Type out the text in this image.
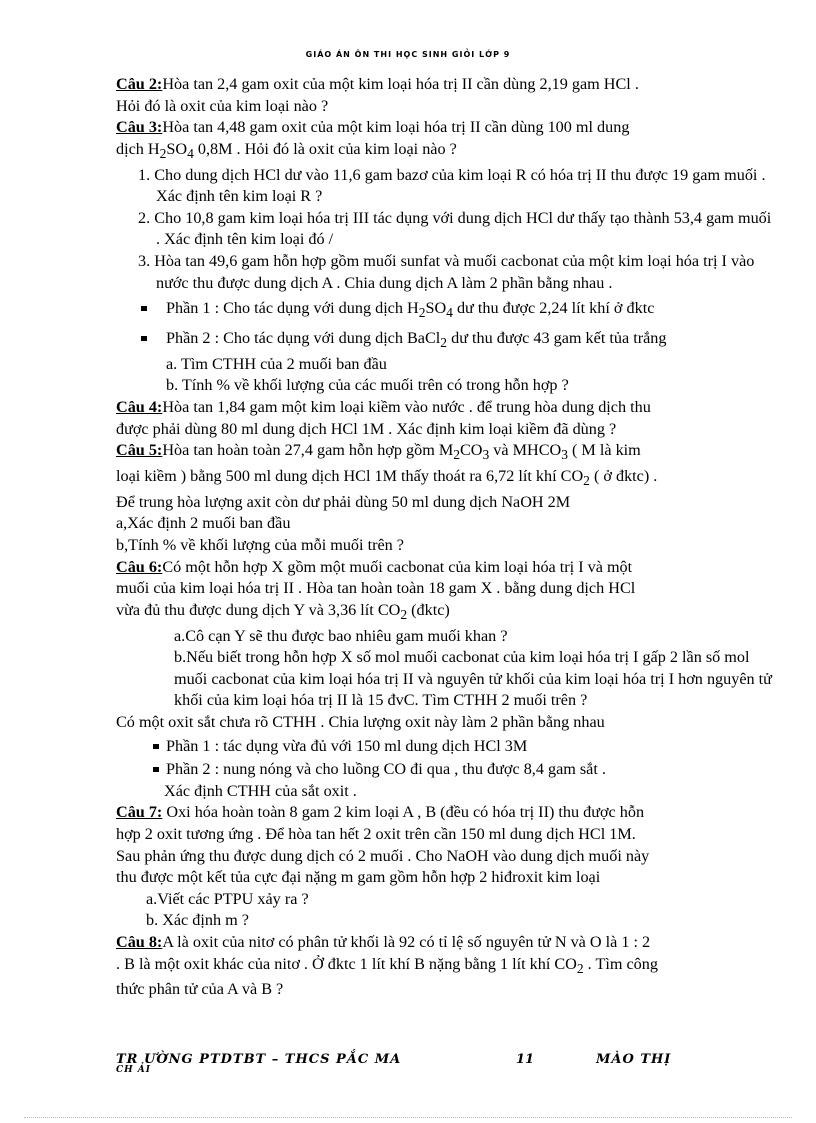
GIÁO ÁN ÔN THI HỌC SINH GIỎI LỚP 9

Câu 2:Hòa tan 2,4 gam oxit của một kim loại hóa trị II cần dùng 2,19 gam HCl .

Hỏi đó là oxit của kim loại nào ?

Câu 3:Hòa tan 4,48 gam oxit của một kim loại hóa trị II cần dùng 100 ml dung

dịch $H_2SO_4$ 0,8M . Hỏi đó là oxit của kim loại nào ?

1. Cho dung dịch HCl dư vào 11,6 gam bazơ của kim loại R có hóa trị II thu được 19 gam muối . Xác định tên kim loại R ?

2. Cho 10,8 gam kim loại hóa trị III tác dụng với dung dịch HCl dư thấy tạo thành 53,4 gam muối . Xác định tên kim loại đó /

3. Hòa tan 49,6 gam hỗn hợp gồm muối sunfat và muối cacbonat của một kim loại hóa trị I vào nước thu được dung dịch A . Chia dung dịch A làm 2 phần bằng nhau .

Phần 1 : Cho tác dụng với dung dịch $H_2SO_4$ dư thu được 2,24 lít khí ở đktc

Phần 2 : Cho tác dụng với dung dịch BaCl$_2$ dư thu được 43 gam kết tủa trắng

a. Tìm CTHH của 2 muối ban đầu

b. Tính % về khối lượng của các muối trên có trong hỗn hợp ?

Câu 4:Hòa tan 1,84 gam một kim loại kiềm vào nước . để trung hòa dung dịch thu

được phải dùng 80 ml dung dịch HCl 1M . Xác định kim loại kiềm đã dùng ?

Câu 5:Hòa tan hoàn toàn 27,4 gam hỗn hợp gồm $M_2CO_3$ và $MHCO_3$ ( M là kim

loại kiềm ) bằng 500 ml dung dịch HCl 1M thấy thoát ra 6,72 lít khí $CO_2$ ( ở đktc) .

Để trung hòa lượng axit còn dư phải dùng 50 ml dung dịch NaOH 2M

a,Xác định 2 muối ban đầu

b,Tính % về khối lượng của mỗi muối trên ?

Câu 6:Có một hỗn hợp X gồm một muối cacbonat của kim loại hóa trị I và một

muối của kim loại hóa trị II . Hòa tan hoàn toàn 18 gam X . bằng dung dịch HCl

vừa đủ thu được dung dịch Y và 3,36 lít $CO_2$ (đktc)

a.Cô cạn Y sẽ thu được bao nhiêu gam muối khan ?

b.Nếu biết trong hỗn hợp X số mol muối cacbonat của kim loại hóa trị I gấp 2 lần số mol muối cacbonat của kim loại hóa trị II và nguyên tử khối của kim loại hóa trị I hơn nguyên tử khối của kim loại hóa trị II là 15 đvC. Tìm CTHH 2 muối trên ?

Có một oxit sắt chưa rõ CTHH . Chia lượng oxit này làm 2 phần bằng nhau

Phần 1 : tác dụng vừa đủ với 150 ml dung dịch HCl 3M

Phần 2 : nung nóng và cho luồng CO đi qua , thu được 8,4 gam sắt .

Xác định CTHH của sắt oxit .

Câu 7: Oxi hóa hoàn toàn 8 gam 2 kim loại A , B (đều có hóa trị II) thu được hỗn

hợp 2 oxit tương ứng . Để hòa tan hết 2 oxit trên cần 150 ml dung dịch HCl 1M.

Sau phản ứng thu được dung dịch có 2 muối . Cho NaOH vào dung dịch muối này

thu được một kết tủa cực đại nặng m gam gồm hỗn hợp 2 hiđroxit kim loại

a.Viết các PTPU xảy ra ?

b. Xác định m ?

Câu 8:A là oxit của nitơ có phân tử khối là 92 có tỉ lệ số nguyên tử N và O là 1 : 2

. B là một oxit khác của nitơ . Ở đktc 1 lít khí B nặng bằng 1 lít khí $CO_2$ . Tìm công

thức phân tử của A và B ?

TR ƯỜNG PTDTBT – THCS PẮC MA
CH ẢI
11	MÀO THỊ
